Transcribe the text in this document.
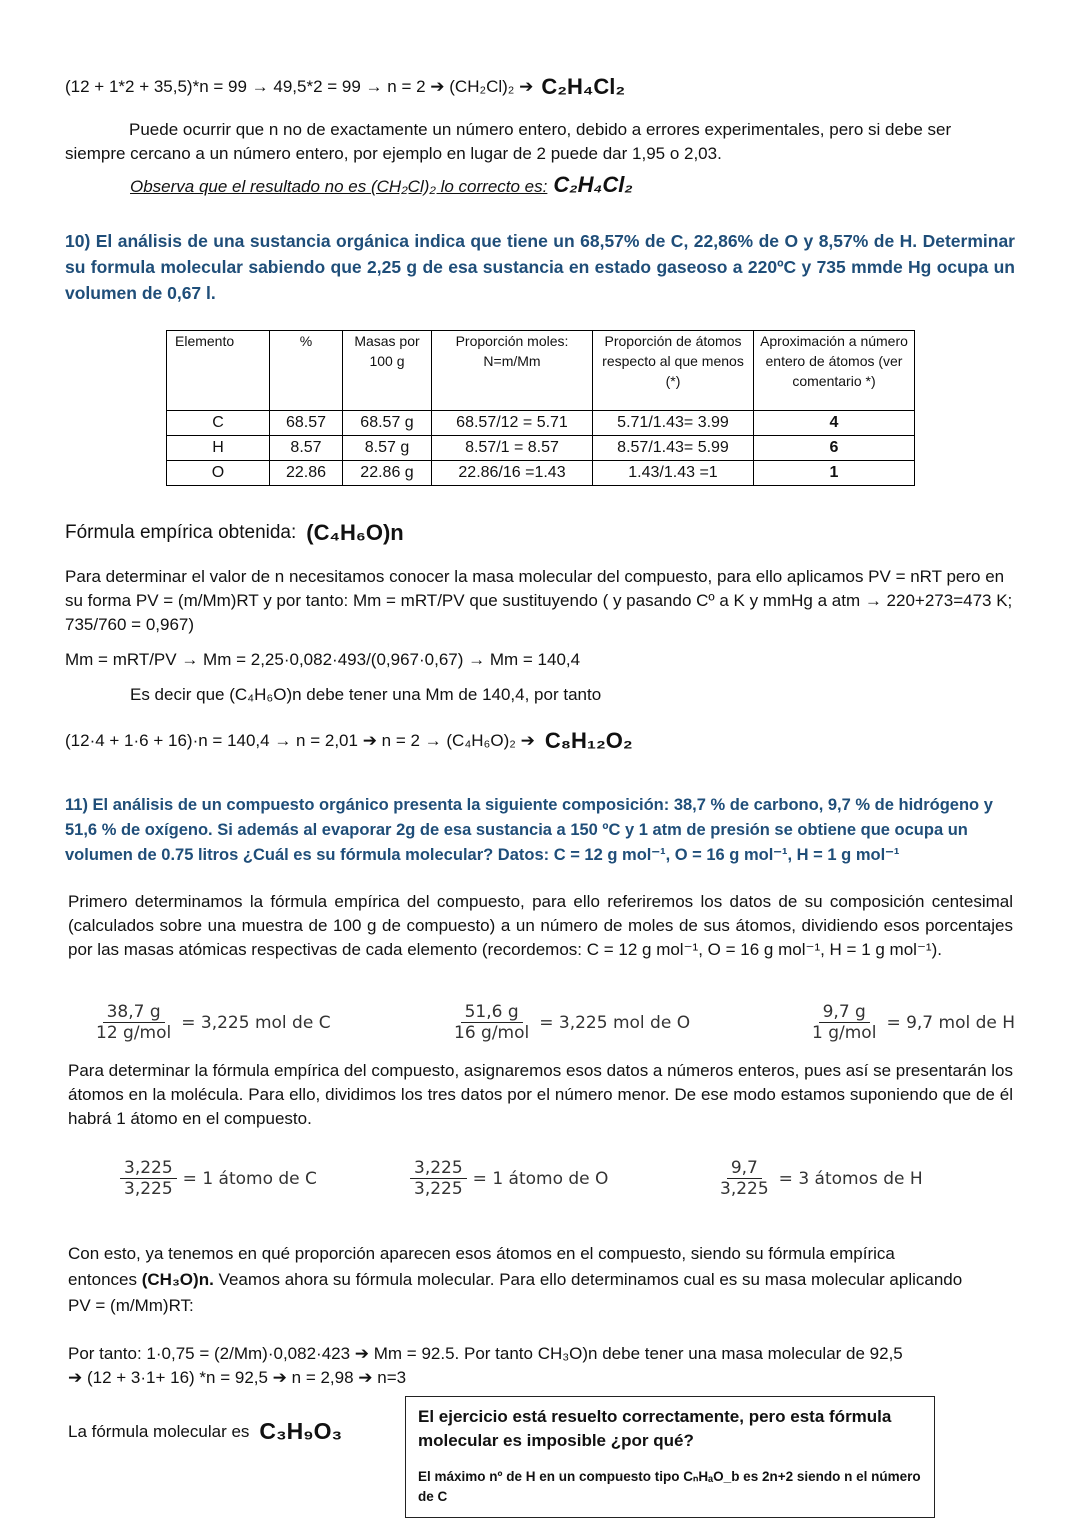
(12 + 1*2 + 35,5)*n = 99 → 49,5*2 = 99 → n = 2 ➔ (CH₂Cl)₂ ➔ C₂H₄Cl₂

Puede ocurrir que n no de exactamente un número entero, debido a errores experimentales, pero si debe ser siempre cercano a un número entero, por ejemplo en lugar de 2 puede dar 1,95 o 2,03.

Observa que el resultado no es (CH₂Cl)₂ lo correcto es: C₂H₄Cl₂

10) El análisis de una sustancia orgánica indica que tiene un 68,57% de C, 22,86% de O y 8,57% de H. Determinar su formula molecular sabiendo que 2,25 g de esa sustancia en estado gaseoso a 220ºC y 735 mmde Hg ocupa un volumen de 0,67 l.

Elemento	%	Masas por 100 g	Proporción moles: N=m/Mm	Proporción de átomos respecto al que menos (*)	Aproximación a número entero de átomos (ver comentario *)
C	68.57	68.57 g	68.57/12 = 5.71	5.71/1.43= 3.99	4
H	8.57	8.57 g	8.57/1 = 8.57	8.57/1.43= 5.99	6
O	22.86	22.86 g	22.86/16 =1.43	1.43/1.43 =1	1
Fórmula empírica obtenida: (C₄H₆O)n

Para determinar el valor de n necesitamos conocer la masa molecular del compuesto, para ello aplicamos PV = nRT pero en su forma PV = (m/Mm)RT y por tanto: Mm = mRT/PV que sustituyendo ( y pasando Cº a K y mmHg a atm → 220+273=473 K; 735/760 = 0,967)

Mm = mRT/PV → Mm = 2,25·0,082·493/(0,967·0,67) → Mm = 140,4

Es decir que (C₄H₆O)n debe tener una Mm de 140,4, por tanto

(12·4 + 1·6 + 16)·n = 140,4 → n = 2,01 ➔ n = 2 → (C₄H₆O)₂ ➔ C₈H₁₂O₂

11) El análisis de un compuesto orgánico presenta la siguiente composición: 38,7 % de carbono, 9,7 % de hidrógeno y 51,6 % de oxígeno. Si además al evaporar 2g de esa sustancia a 150 ºC y 1 atm de presión se obtiene que ocupa un volumen de 0.75 litros ¿Cuál es su fórmula molecular? Datos: C = 12 g mol⁻¹, O = 16 g mol⁻¹, H = 1 g mol⁻¹

Primero determinamos la fórmula empírica del compuesto, para ello referiremos los datos de su composición centesimal (calculados sobre una muestra de 100 g de compuesto) a un número de moles de sus átomos, dividiendo esos porcentajes por las masas atómicas respectivas de cada elemento (recordemos: C = 12 g mol⁻¹, O = 16 g mol⁻¹, H = 1 g mol⁻¹).

$\frac{38,7 g}{\text{12 g/mol}} = 3,225$ mol de C	$\frac{51,6 g}{\text{16 g/mol}} = 3,225$ mol de O	$\frac{9,7 g}{\text{1 g/mol}} = 9,7$ mol de H

Para determinar la fórmula empírica del compuesto, asignaremos esos datos a números enteros, pues así se presentarán los átomos en la molécula. Para ello, dividimos los tres datos por el número menor. De ese modo estamos suponiendo que de él habrá 1 átomo en el compuesto.

$\frac{3,225}{3,225} = 1$ átomo de C	$\frac{3,225}{3,225} = 1$ átomo de O	$\frac{9,7}{3,225} = 3$ átomos de H

Con esto, ya tenemos en qué proporción aparecen esos átomos en el compuesto, siendo su fórmula empírica entonces (CH₃O)n. Veamos ahora su fórmula molecular. Para ello determinamos cual es su masa molecular aplicando PV = (m/Mm)RT:

Por tanto: 1·0,75 = (2/Mm)·0,082·423 ➔ Mm = 92.5. Por tanto CH₃O)n debe tener una masa molecular de 92,5
➔ (12 + 3·1+ 16) *n = 92,5 ➔ n = 2,98 ➔ n=3

La fórmula molecular es C₃H₉O₃

El ejercicio está resuelto correctamente, pero esta fórmula molecular es imposible ¿por qué?

El máximo nº de H en un compuesto tipo CₙHₐO_b es 2n+2 siendo n el número de C
